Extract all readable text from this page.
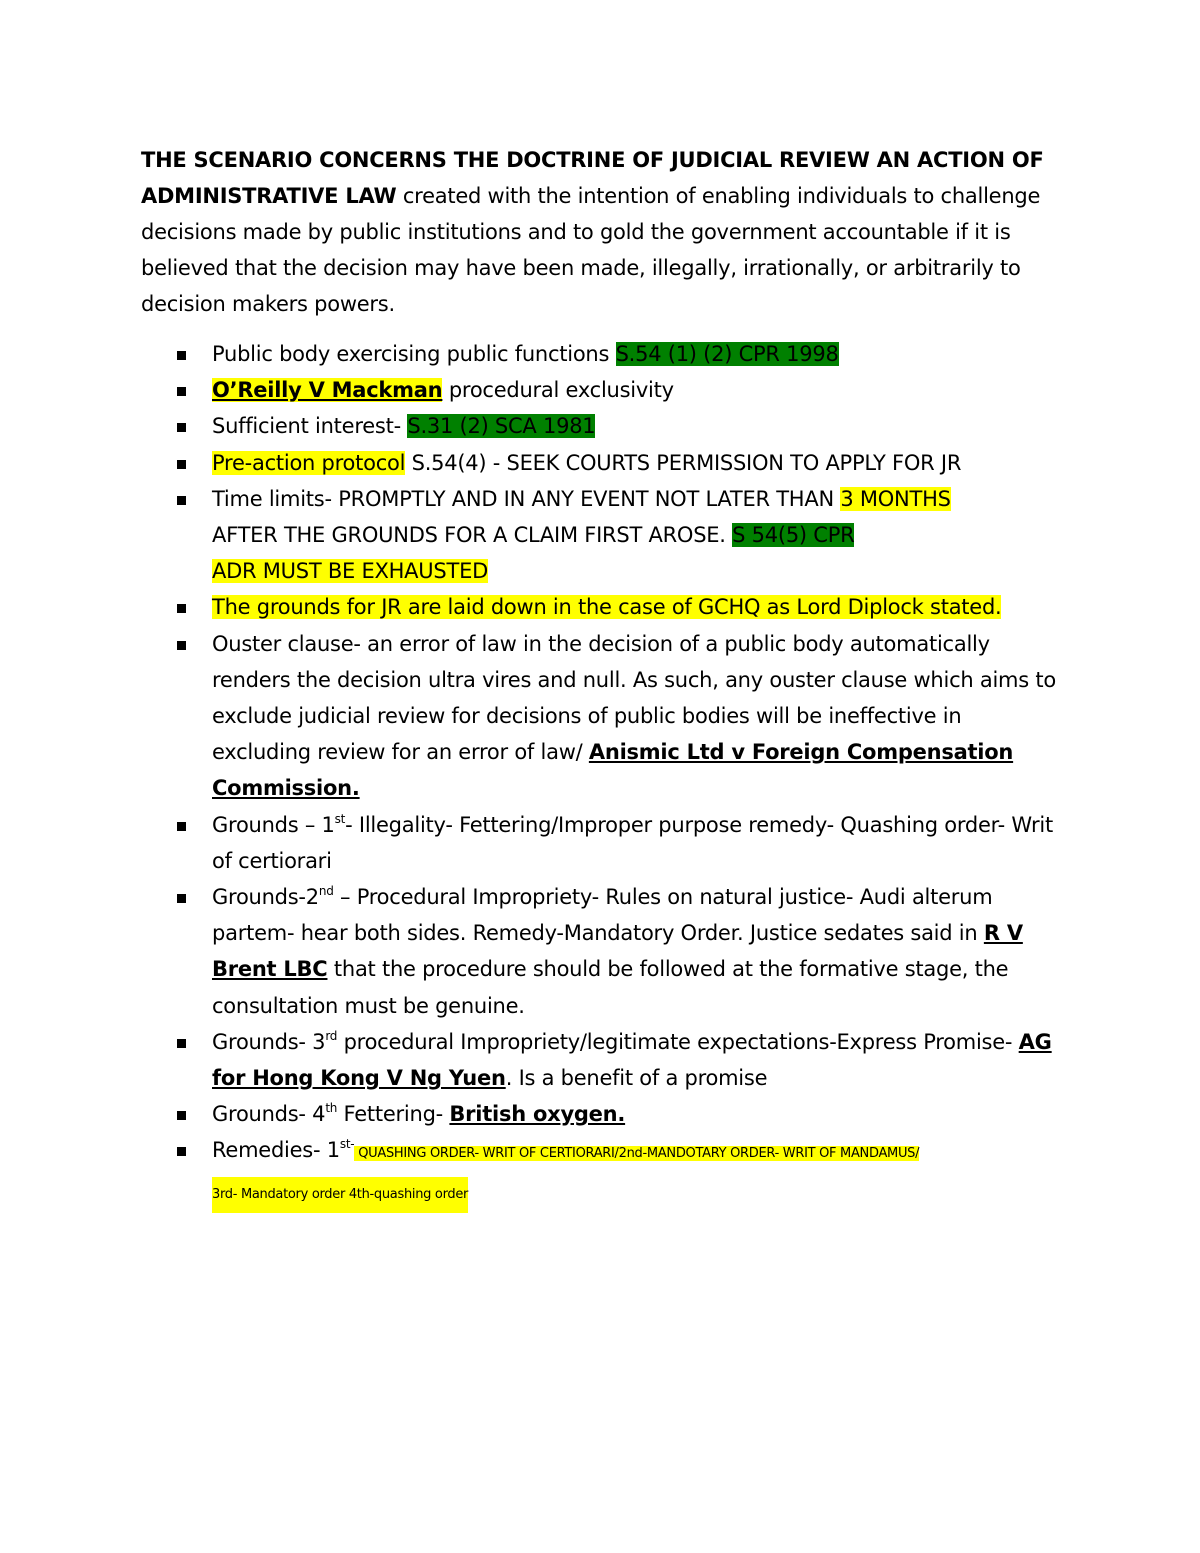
THE SCENARIO CONCERNS THE DOCTRINE OF JUDICIAL REVIEW AN ACTION OF ADMINISTRATIVE LAW created with the intention of enabling individuals to challenge decisions made by public institutions and to gold the government accountable if it is believed that the decision may have been made, illegally, irrationally, or arbitrarily to decision makers powers.

Public body exercising public functions S.54 (1) (2) CPR 1998
O’Reilly V Mackman procedural exclusivity
Sufficient interest- S.31 (2) SCA 1981
Pre-action protocol S.54(4) - SEEK COURTS PERMISSION TO APPLY FOR JR
Time limits- PROMPTLY AND IN ANY EVENT NOT LATER THAN 3 MONTHS
AFTER THE GROUNDS FOR A CLAIM FIRST AROSE. S 54(5) CPR
ADR MUST BE EXHAUSTED
The grounds for JR are laid down in the case of GCHQ as Lord Diplock stated.
Ouster clause- an error of law in the decision of a public body automatically renders the decision ultra vires and null. As such, any ouster clause which aims to exclude judicial review for decisions of public bodies will be ineffective in excluding review for an error of law/ Anismic Ltd v Foreign Compensation Commission.
Grounds – 1st- Illegality- Fettering/Improper purpose remedy- Quashing order- Writ of certiorari
Grounds-2nd – Procedural Impropriety- Rules on natural justice- Audi alterum partem- hear both sides. Remedy-Mandatory Order. Justice sedates said in R V Brent LBC that the procedure should be followed at the formative stage, the consultation must be genuine.
Grounds- 3rd procedural Impropriety/legitimate expectations-Express Promise- AG for Hong Kong V Ng Yuen. Is a benefit of a promise
Grounds- 4th Fettering- British oxygen.
Remedies- $1^{st-}$ QUASHING ORDER- WRIT OF CERTIORARI/2nd-MANDOTARY ORDER- WRIT OF MANDAMUS/
3rd- Mandatory order 4th-quashing order
